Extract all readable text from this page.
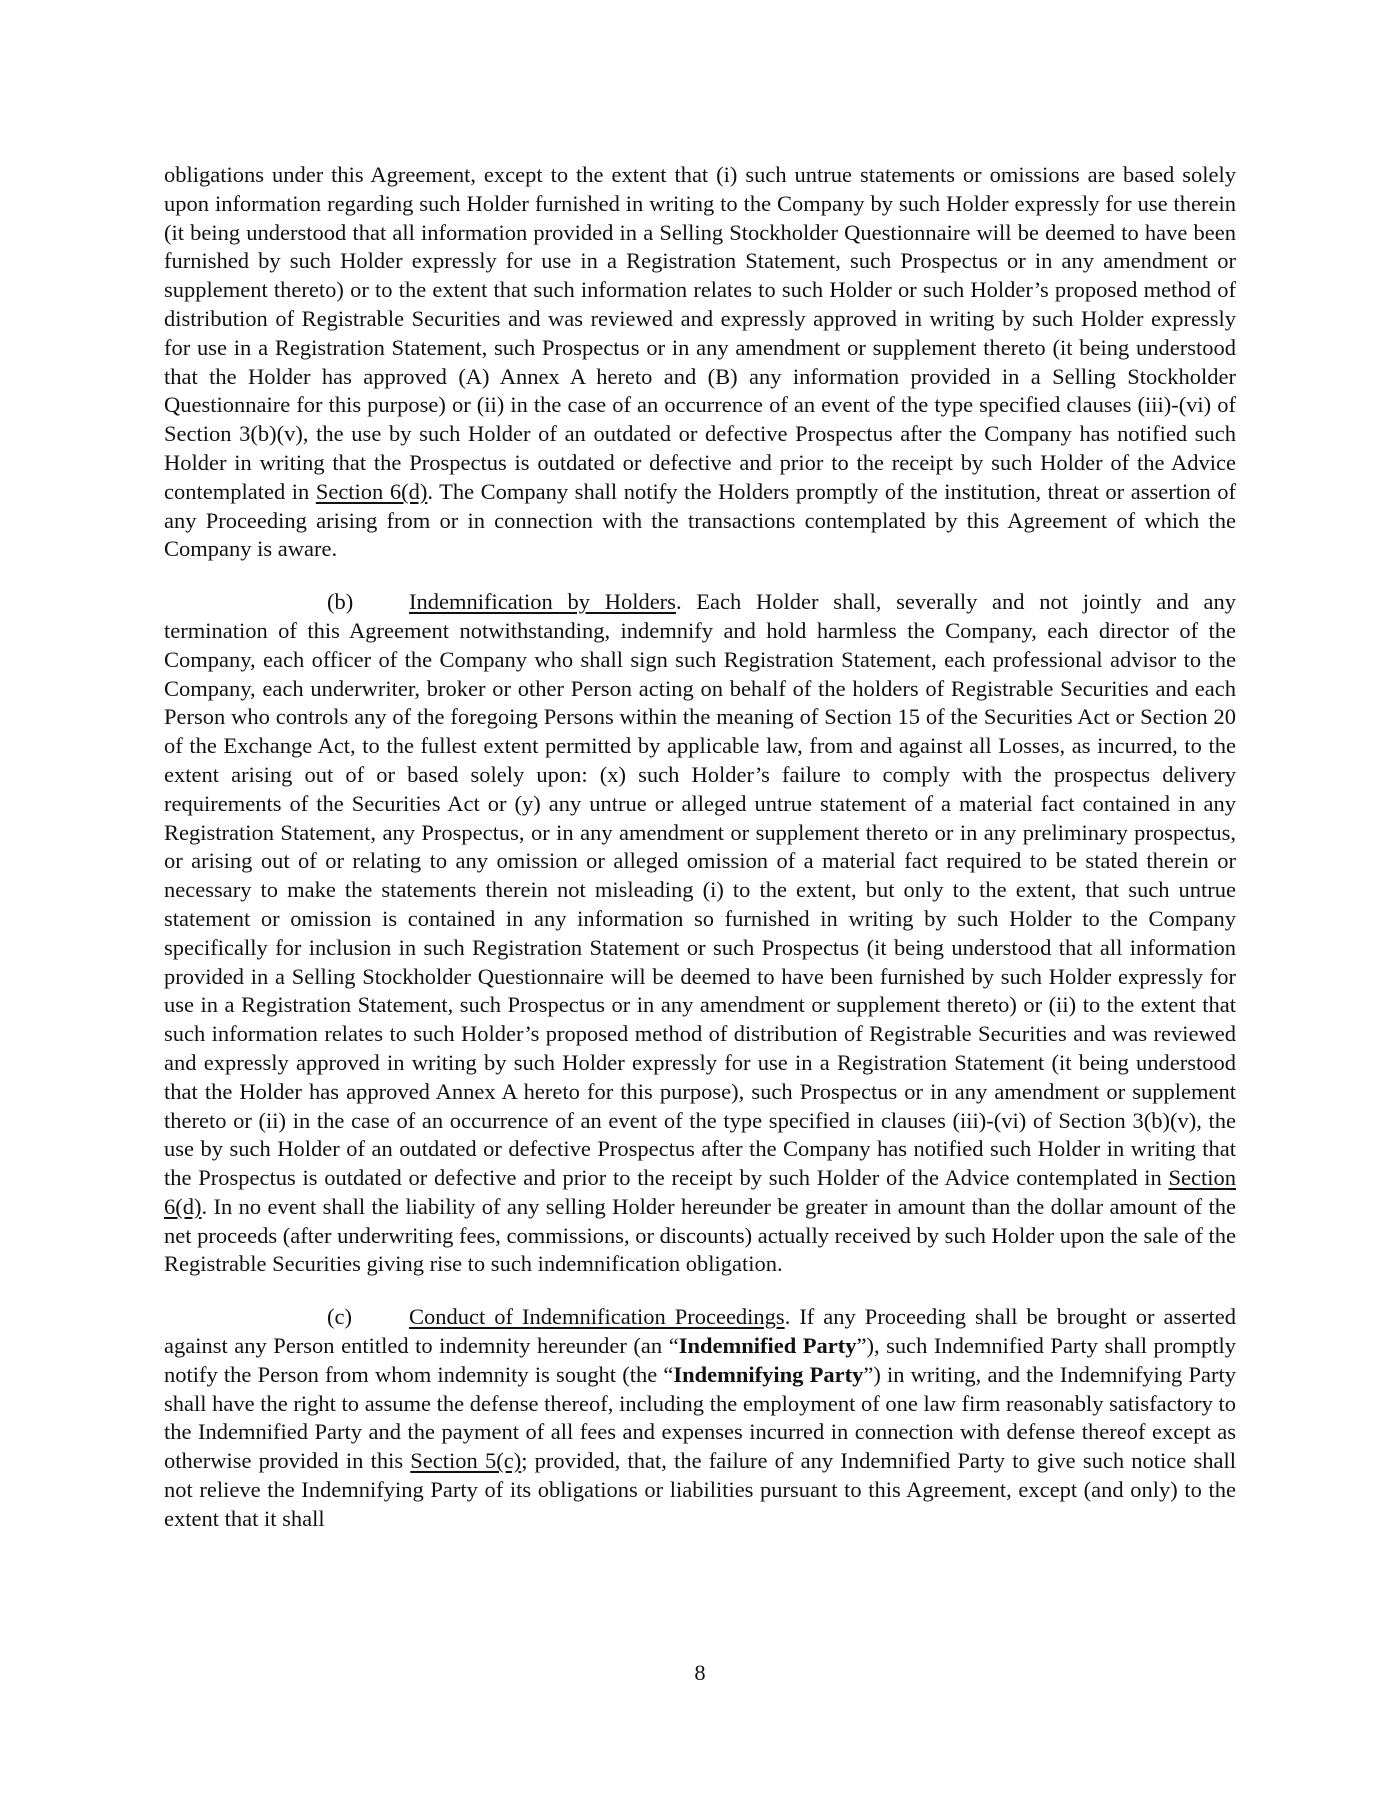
obligations under this Agreement, except to the extent that (i) such untrue statements or omissions are based solely upon information regarding such Holder furnished in writing to the Company by such Holder expressly for use therein (it being understood that all information provided in a Selling Stockholder Questionnaire will be deemed to have been furnished by such Holder expressly for use in a Registration Statement, such Prospectus or in any amendment or supplement thereto) or to the extent that such information relates to such Holder or such Holder’s proposed method of distribution of Registrable Securities and was reviewed and expressly approved in writing by such Holder expressly for use in a Registration Statement, such Prospectus or in any amendment or supplement thereto (it being understood that the Holder has approved (A) Annex A hereto and (B) any information provided in a Selling Stockholder Questionnaire for this purpose) or (ii) in the case of an occurrence of an event of the type specified clauses (iii)-(vi) of Section 3(b)(v), the use by such Holder of an outdated or defective Prospectus after the Company has notified such Holder in writing that the Prospectus is outdated or defective and prior to the receipt by such Holder of the Advice contemplated in Section 6(d). The Company shall notify the Holders promptly of the institution, threat or assertion of any Proceeding arising from or in connection with the transactions contemplated by this Agreement of which the Company is aware.

(b) Indemnification by Holders. Each Holder shall, severally and not jointly and any termination of this Agreement notwithstanding, indemnify and hold harmless the Company, each director of the Company, each officer of the Company who shall sign such Registration Statement, each professional advisor to the Company, each underwriter, broker or other Person acting on behalf of the holders of Registrable Securities and each Person who controls any of the foregoing Persons within the meaning of Section 15 of the Securities Act or Section 20 of the Exchange Act, to the fullest extent permitted by applicable law, from and against all Losses, as incurred, to the extent arising out of or based solely upon: (x) such Holder’s failure to comply with the prospectus delivery requirements of the Securities Act or (y) any untrue or alleged untrue statement of a material fact contained in any Registration Statement, any Prospectus, or in any amendment or supplement thereto or in any preliminary prospectus, or arising out of or relating to any omission or alleged omission of a material fact required to be stated therein or necessary to make the statements therein not misleading (i) to the extent, but only to the extent, that such untrue statement or omission is contained in any information so furnished in writing by such Holder to the Company specifically for inclusion in such Registration Statement or such Prospectus (it being understood that all information provided in a Selling Stockholder Questionnaire will be deemed to have been furnished by such Holder expressly for use in a Registration Statement, such Prospectus or in any amendment or supplement thereto) or (ii) to the extent that such information relates to such Holder’s proposed method of distribution of Registrable Securities and was reviewed and expressly approved in writing by such Holder expressly for use in a Registration Statement (it being understood that the Holder has approved Annex A hereto for this purpose), such Prospectus or in any amendment or supplement thereto or (ii) in the case of an occurrence of an event of the type specified in clauses (iii)-(vi) of Section 3(b)(v), the use by such Holder of an outdated or defective Prospectus after the Company has notified such Holder in writing that the Prospectus is outdated or defective and prior to the receipt by such Holder of the Advice contemplated in Section 6(d). In no event shall the liability of any selling Holder hereunder be greater in amount than the dollar amount of the net proceeds (after underwriting fees, commissions, or discounts) actually received by such Holder upon the sale of the Registrable Securities giving rise to such indemnification obligation.

(c)	Conduct of Indemnification Proceedings. If any Proceeding shall be brought or asserted against any Person entitled to indemnity hereunder (an “Indemnified Party”), such Indemnified Party shall promptly notify the Person from whom indemnity is sought (the “Indemnifying Party”) in writing, and the Indemnifying Party shall have the right to assume the defense thereof, including the employment of one law firm reasonably satisfactory to the Indemnified Party and the payment of all fees and expenses incurred in connection with defense thereof except as otherwise provided in this Section 5(c); provided, that, the failure of any Indemnified Party to give such notice shall not relieve the Indemnifying Party of its obligations or liabilities pursuant to this Agreement, except (and only) to the extent that it shall

8
